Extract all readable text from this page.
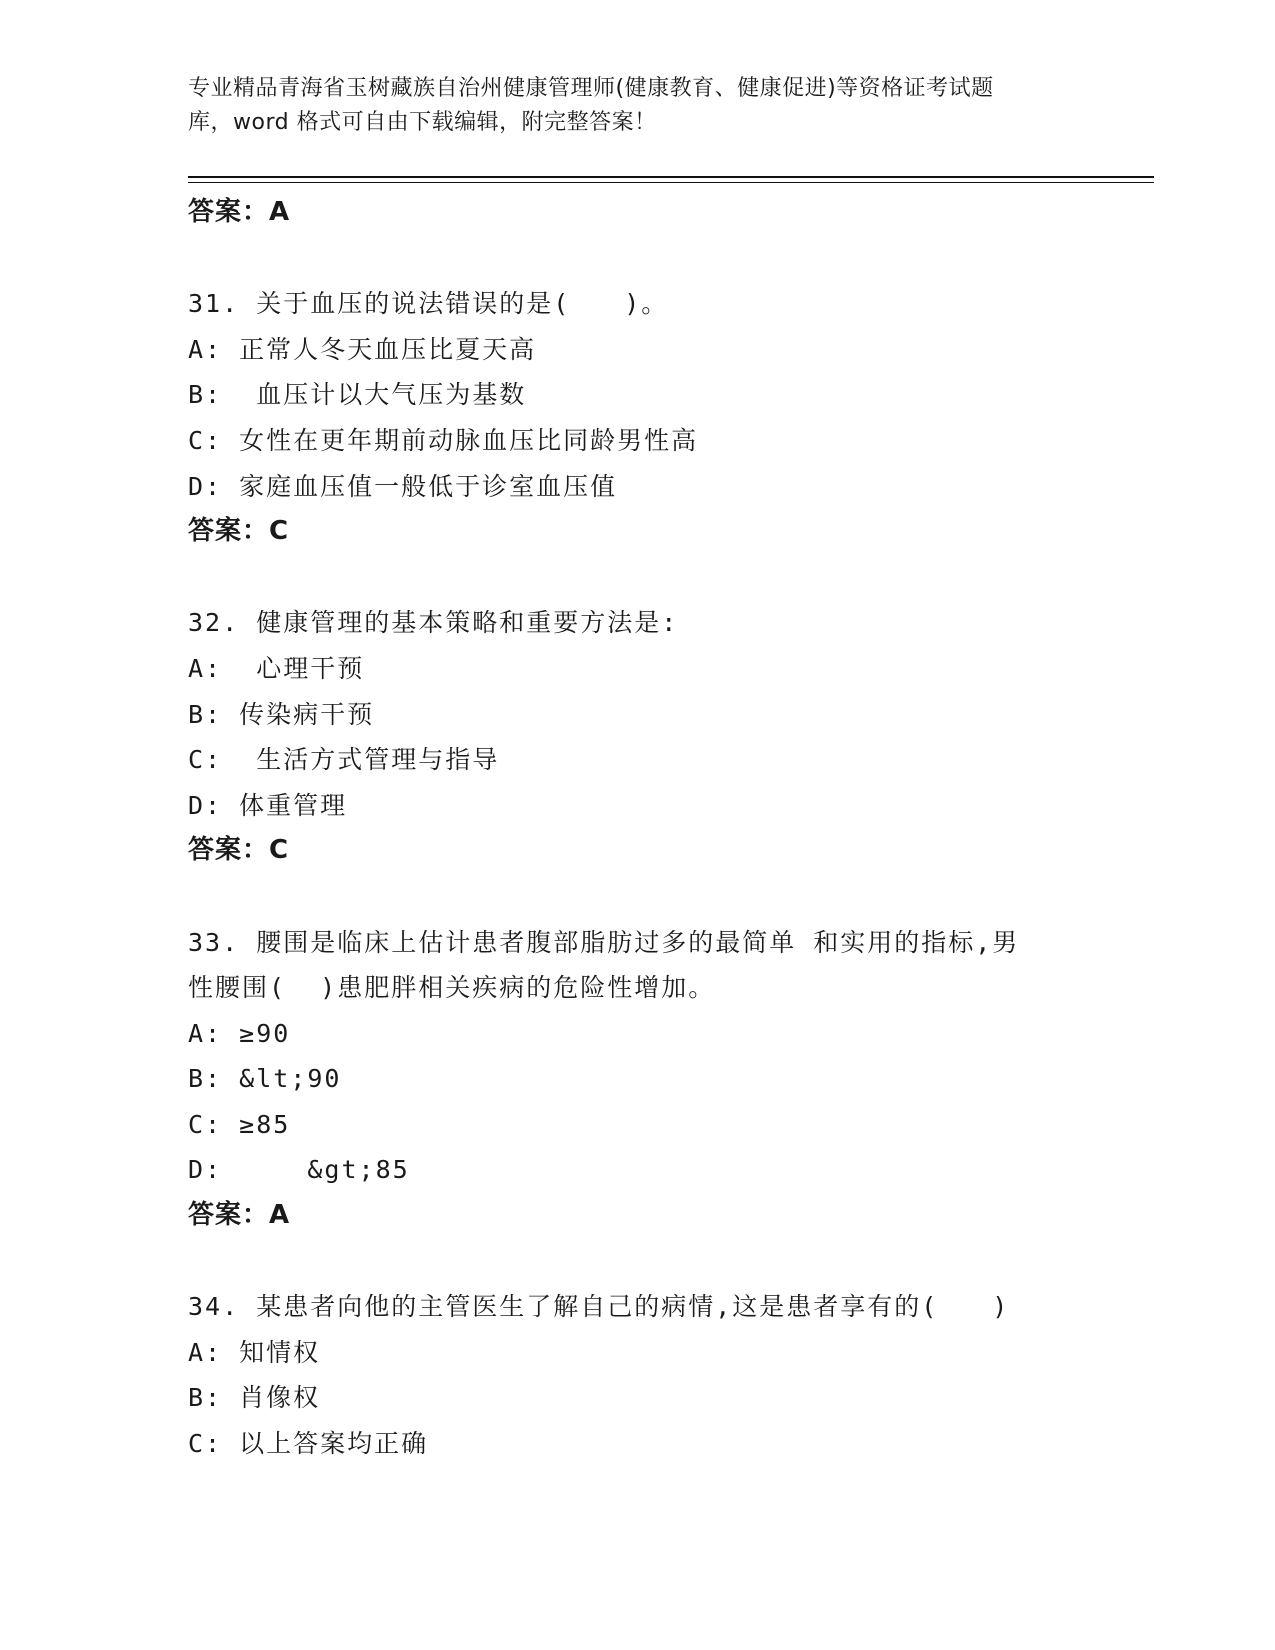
专业精品青海省玉树藏族自治州健康管理师(健康教育、健康促进)等资格证考试题
库，word 格式可自由下载编辑，附完整答案！
答案：A
31. 关于血压的说法错误的是(　　)。
A: 正常人冬天血压比夏天高
B:  血压计以大气压为基数
C: 女性在更年期前动脉血压比同龄男性高
D: 家庭血压值一般低于诊室血压值
答案：C
32. 健康管理的基本策略和重要方法是:
A:  心理干预
B: 传染病干预
C:  生活方式管理与指导
D: 体重管理
答案：C
33. 腰围是临床上估计患者腹部脂肪过多的最简单 和实用的指标,男
性腰围(  )患肥胖相关疾病的危险性增加。
A: ≥90
B: &lt;90
C: ≥85
D:     &gt;85
答案：A
34. 某患者向他的主管医生了解自己的病情,这是患者享有的(　　)
A: 知情权
B: 肖像权
C: 以上答案均正确
